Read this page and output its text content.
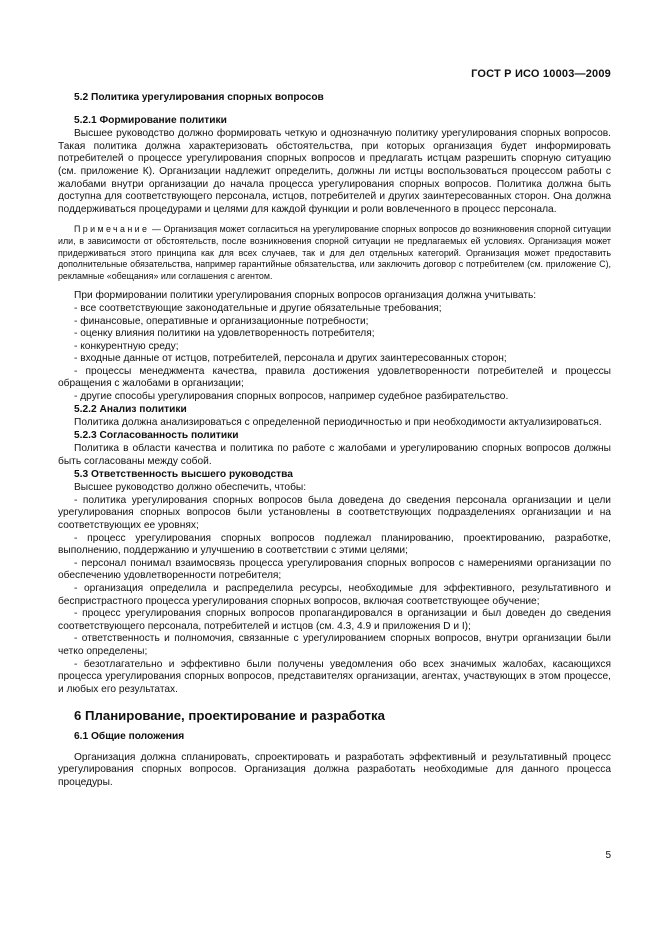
ГОСТ Р ИСО 10003—2009
5.2 Политика урегулирования спорных вопросов
5.2.1 Формирование политики

Высшее руководство должно формировать четкую и однозначную политику урегулирования спорных вопросов. Такая политика должна характеризовать обстоятельства, при которых организация будет информировать потребителей о процессе урегулирования спорных вопросов и предлагать истцам разрешить спорную ситуацию (см. приложение К). Организации надлежит определить, должны ли истцы воспользоваться процессом работы с жалобами внутри организации до начала процесса урегулирования спорных вопросов. Политика должна быть доступна для соответствующего персонала, истцов, потребителей и других заинтересованных сторон. Она должна поддерживаться процедурами и целями для каждой функции и роли вовлеченного в процесс персонала.

Примечание — Организация может согласиться на урегулирование спорных вопросов до возникновения спорной ситуации или, в зависимости от обстоятельств, после возникновения спорной ситуации не предлагаемых ей условиях. Организация может придерживаться этого принципа как для всех случаев, так и для дел отдельных категорий. Организация может предоставить дополнительные обязательства, например гарантийные обязательства, или заключить договор с потребителем (см. приложение С), рекламные «обещания» или соглашения с агентом.

При формировании политики урегулирования спорных вопросов организация должна учитывать:

- все соответствующие законодательные и другие обязательные требования;

- финансовые, оперативные и организационные потребности;

- оценку влияния политики на удовлетворенность потребителя;

- конкурентную среду;

- входные данные от истцов, потребителей, персонала и других заинтересованных сторон;

- процессы менеджмента качества, правила достижения удовлетворенности потребителей и процессы обращения с жалобами в организации;

- другие способы урегулирования спорных вопросов, например судебное разбирательство.

5.2.2 Анализ политики

Политика должна анализироваться с определенной периодичностью и при необходимости актуализироваться.

5.2.3 Согласованность политики

Политика в области качества и политика по работе с жалобами и урегулированию спорных вопросов должны быть согласованы между собой.

5.3 Ответственность высшего руководства

Высшее руководство должно обеспечить, чтобы:

- политика урегулирования спорных вопросов была доведена до сведения персонала организации и цели урегулирования спорных вопросов были установлены в соответствующих подразделениях организации и на соответствующих ее уровнях;

- процесс урегулирования спорных вопросов подлежал планированию, проектированию, разработке, выполнению, поддержанию и улучшению в соответствии с этими целями;

- персонал понимал взаимосвязь процесса урегулирования спорных вопросов с намерениями организации по обеспечению удовлетворенности потребителя;

- организация определила и распределила ресурсы, необходимые для эффективного, результативного и беспристрастного процесса урегулирования спорных вопросов, включая соответствующее обучение;

- процесс урегулирования спорных вопросов пропагандировался в организации и был доведен до сведения соответствующего персонала, потребителей и истцов (см. 4.3, 4.9 и приложения D и I);

- ответственность и полномочия, связанные с урегулированием спорных вопросов, внутри организации были четко определены;

- безотлагательно и эффективно были получены уведомления обо всех значимых жалобах, касающихся процесса урегулирования спорных вопросов, представителях организации, агентах, участвующих в этом процессе, и любых его результатах.

6 Планирование, проектирование и разработка
6.1 Общие положения

Организация должна спланировать, спроектировать и разработать эффективный и результативный процесс урегулирования спорных вопросов. Организация должна разработать необходимые для данного процесса процедуры.

5
